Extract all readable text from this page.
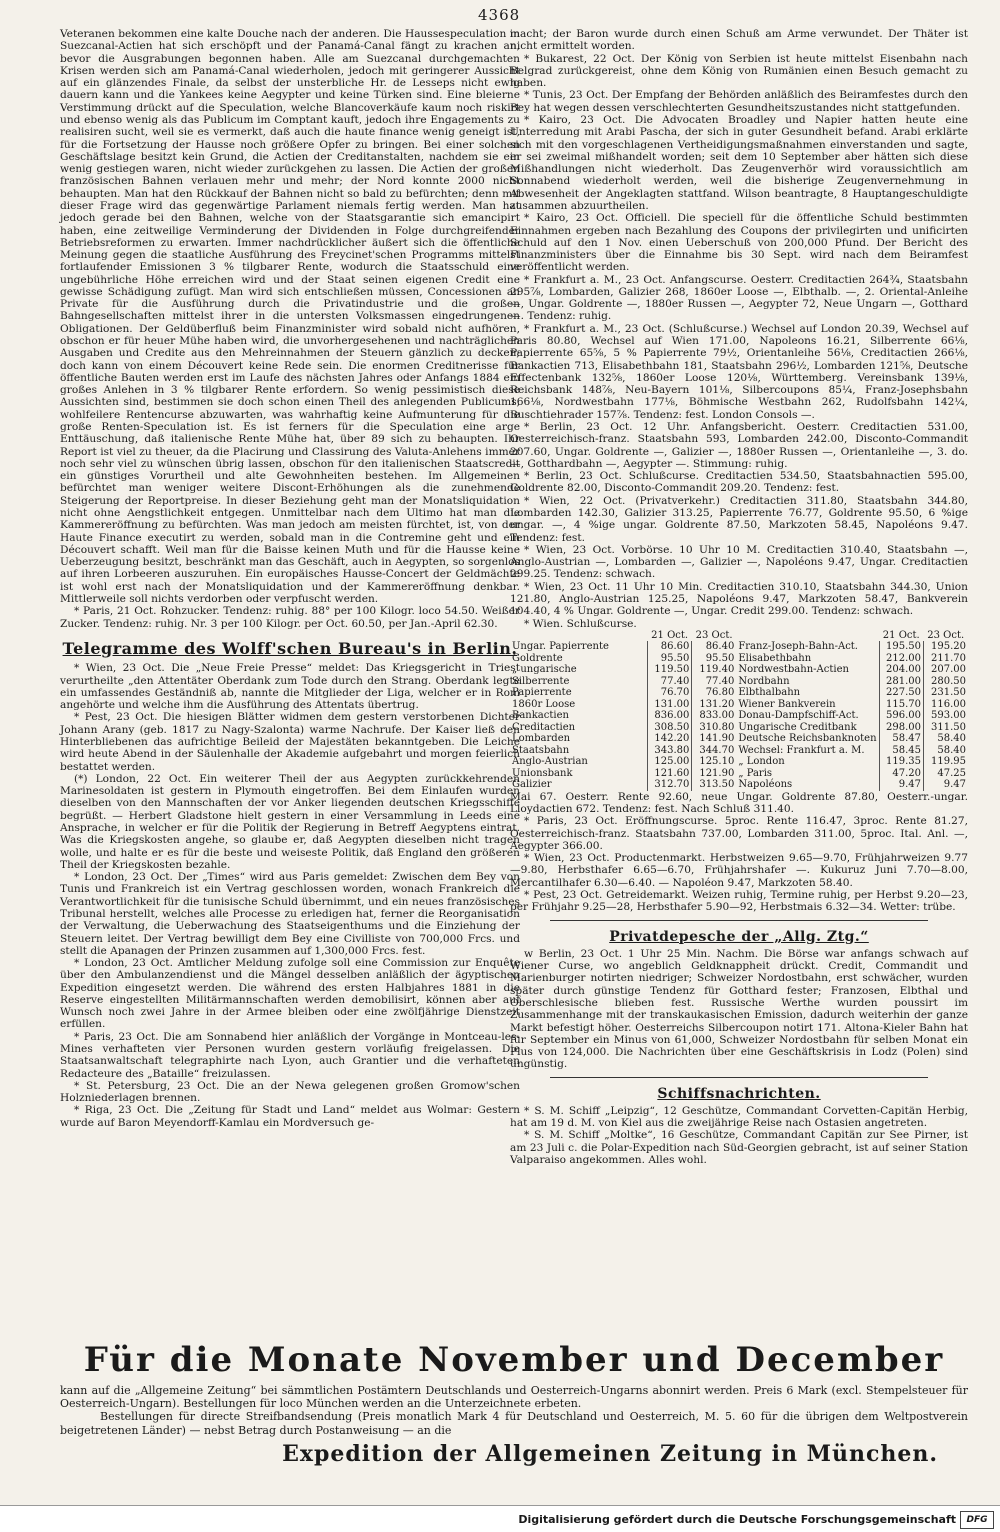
4368

Veteranen bekommen eine kalte Douche nach der anderen. Die Haussespeculation in Suezcanal-Actien hat sich erschöpft und der Panamá-Canal fängt zu krachen an, bevor die Ausgrabungen begonnen haben. Alle am Suezcanal durchgemachten Krisen werden sich am Panamá-Canal wiederholen, jedoch mit geringerer Aussicht auf ein glänzendes Finale, da selbst der unsterbliche Hr. de Lesseps nicht ewig dauern kann und die Yankees keine Aegypter und keine Türken sind. Eine bleierne Verstimmung drückt auf die Speculation, welche Blancoverkäufe kaum noch riskirt und ebenso wenig als das Publicum im Comptant kauft, jedoch ihre Engagements zu realisiren sucht, weil sie es vermerkt, daß auch die haute finance wenig geneigt ist, für die Fortsetzung der Hausse noch größere Opfer zu bringen. Bei einer solchen Geschäftslage besitzt kein Grund, die Actien der Creditanstalten, nachdem sie ein wenig gestiegen waren, nicht wieder zurückgehen zu lassen. Die Actien der großen französischen Bahnen verlauen mehr und mehr; der Nord konnte 2000 nicht behaupten. Man hat den Rückkauf der Bahnen nicht so bald zu befürchten; denn mit dieser Frage wird das gegenwärtige Parlament niemals fertig werden. Man hat jedoch gerade bei den Bahnen, welche von der Staatsgarantie sich emancipirt haben, eine zeitweilige Verminderung der Dividenden in Folge durchgreifender Betriebsreformen zu erwarten. Immer nachdrücklicher äußert sich die öffentliche Meinung gegen die staatliche Ausführung des Freycinet'schen Programms mittelst fortlaufender Emissionen 3 % tilgbarer Rente, wodurch die Staatsschuld eine ungebührliche Höhe erreichen wird und der Staat seinen eigenen Credit eine gewisse Schädigung zufügt. Man wird sich entschließen müssen, Concessionen an Private für die Ausführung durch die Privatindustrie und die großen Bahngesellschaften mittelst ihrer in die untersten Volksmassen eingedrungenen Obligationen. Der Geldüberfluß beim Finanzminister wird sobald nicht aufhören, obschon er für heuer Mühe haben wird, die unvorhergesehenen und nachträglichen Ausgaben und Credite aus den Mehreinnahmen der Steuern gänzlich zu decken; doch kann von einem Découvert keine Rede sein. Die enormen Creditnerisse für öffentliche Bauten werden erst im Laufe des nächsten Jahres oder Anfangs 1884 ein großes Anlehen in 3 % tilgbarer Rente erfordern. So wenig pessimistisch diese Aussichten sind, bestimmen sie doch schon einen Theil des anlegenden Publicums, wohlfeilere Rentencurse abzuwarten, was wahrhaftig keine Aufmunterung für die große Renten-Speculation ist. Es ist ferners für die Speculation eine arge Enttäuschung, daß italienische Rente Mühe hat, über 89 sich zu behaupten. Ihr Report ist viel zu theuer, da die Placirung und Classirung des Valuta-Anlehens immer noch sehr viel zu wünschen übrig lassen, obschon für den italienischen Staatscredit ein günstiges Vorurtheil und alte Gewohnheiten bestehen. Im Allgemeinen befürchtet man weniger weitere Discont-Erhöhungen als die zunehmende Steigerung der Reportpreise. In dieser Beziehung geht man der Monatsliquidation nicht ohne Aengstlichkeit entgegen. Unmittelbar nach dem Ultimo hat man die Kammereröffnung zu befürchten. Was man jedoch am meisten fürchtet, ist, von der Haute Finance executirt zu werden, sobald man in die Contremine geht und ein Découvert schafft. Weil man für die Baisse keinen Muth und für die Hausse keine Ueberzeugung besitzt, beschränkt man das Geschäft, auch in Aegypten, so sorgenlos auf ihren Lorbeeren auszuruhen. Ein europäisches Hausse-Concert der Geldmächte ist wohl erst nach der Monatsliquidation und der Kammereröffnung denkbar. Mittlerweile soll nichts verdorben oder verpfuscht werden.

* Paris, 21 Oct. Rohzucker. Tendenz: ruhig. 88° per 100 Kilogr. loco 54.50. Weißer Zucker. Tendenz: ruhig. Nr. 3 per 100 Kilogr. per Oct. 60.50, per Jan.-April 62.30.

Telegramme des Wolff'schen Bureau's in Berlin.

* Wien, 23 Oct. Die „Neue Freie Presse“ meldet: Das Kriegsgericht in Triest verurtheilte „den Attentäter Oberdank zum Tode durch den Strang. Oberdank legte ein umfassendes Geständniß ab, nannte die Mitglieder der Liga, welcher er in Rom angehörte und welche ihm die Ausführung des Attentats übertrug.

* Pest, 23 Oct. Die hiesigen Blätter widmen dem gestern verstorbenen Dichter Johann Arany (geb. 1817 zu Nagy-Szalonta) warme Nachrufe. Der Kaiser ließ den Hinterbliebenen das aufrichtige Beileid der Majestäten bekanntgeben. Die Leiche wird heute Abend in der Säulenhalle der Akademie aufgebahrt und morgen feierlich bestattet werden.

(*) London, 22 Oct. Ein weiterer Theil der aus Aegypten zurückkehrenden Marinesoldaten ist gestern in Plymouth eingetroffen. Bei dem Einlaufen wurden dieselben von den Mannschaften der vor Anker liegenden deutschen Kriegsschiffe begrüßt. — Herbert Gladstone hielt gestern in einer Versammlung in Leeds eine Ansprache, in welcher er für die Politik der Regierung in Betreff Aegyptens eintrat. Was die Kriegskosten angehe, so glaube er, daß Aegypten dieselben nicht tragen wolle, und halte er es für die beste und weiseste Politik, daß England den größeren Theil der Kriegskosten bezahle.

* London, 23 Oct. Der „Times“ wird aus Paris gemeldet: Zwischen dem Bey von Tunis und Frankreich ist ein Vertrag geschlossen worden, wonach Frankreich die Verantwortlichkeit für die tunisische Schuld übernimmt, und ein neues französisches Tribunal herstellt, welches alle Processe zu erledigen hat, ferner die Reorganisation der Verwaltung, die Ueberwachung des Staatseigenthums und die Einziehung der Steuern leitet. Der Vertrag bewilligt dem Bey eine Civilliste von 700,000 Frcs. und stellt die Apanagen der Prinzen zusammen auf 1,300,000 Frcs. fest.

* London, 23 Oct. Amtlicher Meldung zufolge soll eine Commission zur Enquête über den Ambulanzendienst und die Mängel desselben anläßlich der ägyptischen Expedition eingesetzt werden. Die während des ersten Halbjahres 1881 in die Reserve eingestellten Militärmannschaften werden demobilisirt, können aber auf Wunsch noch zwei Jahre in der Armee bleiben oder eine zwölfjährige Dienstzeit erfüllen.

* Paris, 23 Oct. Die am Sonnabend hier anläßlich der Vorgänge in Montceau-les-Mines verhafteten vier Personen wurden gestern vorläufig freigelassen. Die Staatsanwaltschaft telegraphirte nach Lyon, auch Grantier und die verhafteten Redacteure des „Bataille“ freizulassen.

* St. Petersburg, 23 Oct. Die an der Newa gelegenen großen Gromow'schen Holzniederlagen brennen.

* Riga, 23 Oct. Die „Zeitung für Stadt und Land“ meldet aus Wolmar: Gestern wurde auf Baron Meyendorff-Kamlau ein Mordversuch ge-

macht; der Baron wurde durch einen Schuß am Arme verwundet. Der Thäter ist nicht ermittelt worden.

* Bukarest, 22 Oct. Der König von Serbien ist heute mittelst Eisenbahn nach Belgrad zurückgereist, ohne dem König von Rumänien einen Besuch gemacht zu haben.

* Tunis, 23 Oct. Der Empfang der Behörden anläßlich des Beiramfestes durch den Bey hat wegen dessen verschlechterten Gesundheitszustandes nicht stattgefunden.

* Kairo, 23 Oct. Die Advocaten Broadley und Napier hatten heute eine Unterredung mit Arabi Pascha, der sich in guter Gesundheit befand. Arabi erklärte sich mit den vorgeschlagenen Vertheidigungsmaßnahmen einverstanden und sagte, er sei zweimal mißhandelt worden; seit dem 10 September aber hätten sich diese Mißhandlungen nicht wiederholt. Das Zeugenverhör wird voraussichtlich am Sonnabend wiederholt werden, weil die bisherige Zeugenvernehmung in Abwesenheit der Angeklagten stattfand. Wilson beantragte, 8 Hauptangeschuldigte zusammen abzuurtheilen.

* Kairo, 23 Oct. Officiell. Die speciell für die öffentliche Schuld bestimmten Einnahmen ergeben nach Bezahlung des Coupons der privilegirten und unificirten Schuld auf den 1 Nov. einen Ueberschuß von 200,000 Pfund. Der Bericht des Finanzministers über die Einnahme bis 30 Sept. wird nach dem Beiramfest veröffentlicht werden.

* Frankfurt a. M., 23 Oct. Anfangscurse. Oesterr. Creditactien 264¾, Staatsbahn 295⅞, Lombarden, Galizier 268, 1860er Loose —, Elbthalb. —, 2. Oriental-Anleihe —, Ungar. Goldrente —, 1880er Russen —, Aegypter 72, Neue Ungarn —, Gotthard —. Tendenz: ruhig.

* Frankfurt a. M., 23 Oct. (Schlußcurse.) Wechsel auf London 20.39, Wechsel auf Paris 80.80, Wechsel auf Wien 171.00, Napoleons 16.21, Silberrente 66⅛, Papierrente 65⅝, 5 % Papierrente 79½, Orientanleihe 56⅛, Creditactien 266⅛, Bankactien 713, Elisabethbahn 181, Staatsbahn 296½, Lombarden 121⅝, Deutsche Effectenbank 132⅝, 1860er Loose 120⅛, Württemberg. Vereinsbank 139⅛, Reichsbank 148⅞, Neu-Bayern 101⅛, Silbercoupons 85¼, Franz-Josephsbahn 166⅛, Nordwestbahn 177⅛, Böhmische Westbahn 262, Rudolfsbahn 142¼, Buschtiehrader 157⅞. Tendenz: fest. London Consols —.

* Berlin, 23 Oct. 12 Uhr. Anfangsbericht. Oesterr. Creditactien 531.00, Oesterreichisch-franz. Staatsbahn 593, Lombarden 242.00, Disconto-Commandit 207.60, Ungar. Goldrente —, Galizier —, 1880er Russen —, Orientanleihe —, 3. do. —, Gotthardbahn —, Aegypter —. Stimmung: ruhig.

* Berlin, 23 Oct. Schlußcurse. Creditactien 534.50, Staatsbahnactien 595.00, Goldrente 82.00, Disconto-Commandit 209.20. Tendenz: fest.

* Wien, 22 Oct. (Privatverkehr.) Creditactien 311.80, Staatsbahn 344.80, Lombarden 142.30, Galizier 313.25, Papierrente 76.77, Goldrente 95.50, 6 %ige ungar. —, 4 %ige ungar. Goldrente 87.50, Markzoten 58.45, Napoléons 9.47. Tendenz: fest.

* Wien, 23 Oct. Vorbörse. 10 Uhr 10 M. Creditactien 310.40, Staatsbahn —, Anglo-Austrian —, Lombarden —, Galizier —, Napoléons 9.47, Ungar. Creditactien 299.25. Tendenz: schwach.

* Wien, 23 Oct. 11 Uhr 10 Min. Creditactien 310.10, Staatsbahn 344.30, Union 121.80, Anglo-Austrian 125.25, Napoléons 9.47, Markzoten 58.47, Bankverein 104.40, 4 % Ungar. Goldrente —, Ungar. Credit 299.00. Tendenz: schwach.

* Wien. Schlußcurse.

	21 Oct.	23 Oct.		21 Oct.	23 Oct.
Ungar. Papierrente	86.60	86.40	Franz-Joseph-Bahn-Act.	195.50	195.20
Goldrente	95.50	95.50	Elisabethbahn	212.00	211.70
„ ungarische	119.50	119.40	Nordwestbahn-Actien	204.00	207.00
Silberrente	77.40	77.40	Nordbahn	281.00	280.50
Papierrente	76.70	76.80	Elbthalbahn	227.50	231.50
1860r Loose	131.00	131.20	Wiener Bankverein	115.70	116.00
Bankactien	836.00	833.00	Donau-Dampfschiff-Act.	596.00	593.00
Creditactien	308.50	310.80	Ungarische Creditbank	298.00	311.50
Lombarden	142.20	141.90	Deutsche Reichsbanknoten	58.47	58.40
Staatsbahn	343.80	344.70	Wechsel: Frankfurt a. M.	58.45	58.40
Anglo-Austrian	125.00	125.10	„ London	119.35	119.95
Unionsbank	121.60	121.90	„ Paris	47.20	47.25
Galizier	312.70	313.50	Napoléons	9.47	9.47

Mai 67. Oesterr. Rente 92.60, neue Ungar. Goldrente 87.80, Oesterr.-ungar. Lloydactien 672. Tendenz: fest. Nach Schluß 311.40.

* Paris, 23 Oct. Eröffnungscurse. 5proc. Rente 116.47, 3proc. Rente 81.27, Oesterreichisch-franz. Staatsbahn 737.00, Lombarden 311.00, 5proc. Ital. Anl. —, Aegypter 366.00.

* Wien, 23 Oct. Productenmarkt. Herbstweizen 9.65—9.70, Frühjahrweizen 9.77—9.80, Herbsthafer 6.65—6.70, Frühjahrshafer —. Kukuruz Juni 7.70—8.00, Mercantilhafer 6.30—6.40. — Napoléon 9.47, Markzoten 58.40.

* Pest, 23 Oct. Getreidemarkt. Weizen ruhig, Termine ruhig, per Herbst 9.20—23, per Frühjahr 9.25—28, Herbsthafer 5.90—92, Herbstmais 6.32—34. Wetter: trübe.

Privatdepesche der „Allg. Ztg.“

w Berlin, 23 Oct. 1 Uhr 25 Min. Nachm. Die Börse war anfangs schwach auf Wiener Curse, wo angeblich Geldknappheit drückt. Credit, Commandit und Marienburger notirten niedriger; Schweizer Nordostbahn, erst schwächer, wurden später durch günstige Tendenz für Gotthard fester; Franzosen, Elbthal und Oberschlesische blieben fest. Russische Werthe wurden poussirt im Zusammenhange mit der transkaukasischen Emission, dadurch weiterhin der ganze Markt befestigt höher. Oesterreichs Silbercoupon notirt 171. Altona-Kieler Bahn hat für September ein Minus von 61,000, Schweizer Nordostbahn für selben Monat ein Plus von 124,000. Die Nachrichten über eine Geschäftskrisis in Lodz (Polen) sind ungünstig.

Schiffsnachrichten.

* S. M. Schiff „Leipzig“, 12 Geschütze, Commandant Corvetten-Capitän Herbig, hat am 19 d. M. von Kiel aus die zweijährige Reise nach Ostasien angetreten.

* S. M. Schiff „Moltke“, 16 Geschütze, Commandant Capitän zur See Pirner, ist am 23 Juli c. die Polar-Expedition nach Süd-Georgien gebracht, ist auf seiner Station Valparaiso angekommen. Alles wohl.

Für die Monate November und December

kann auf die „Allgemeine Zeitung“ bei sämmtlichen Postämtern Deutschlands und Oesterreich-Ungarns abonnirt werden. Preis 6 Mark (excl. Stempelsteuer für Oesterreich-Ungarn). Bestellungen für loco München werden an die Unterzeichnete erbeten.

Bestellungen für directe Streifbandsendung (Preis monatlich Mark 4 für Deutschland und Oesterreich, M. 5. 60 für die übrigen dem Weltpostverein beigetretenen Länder) — nebst Betrag durch Postanweisung — an die

Expedition der Allgemeinen Zeitung in München.
Digitalisierung gefördert durch die Deutsche Forschungsgemeinschaft	DFG
